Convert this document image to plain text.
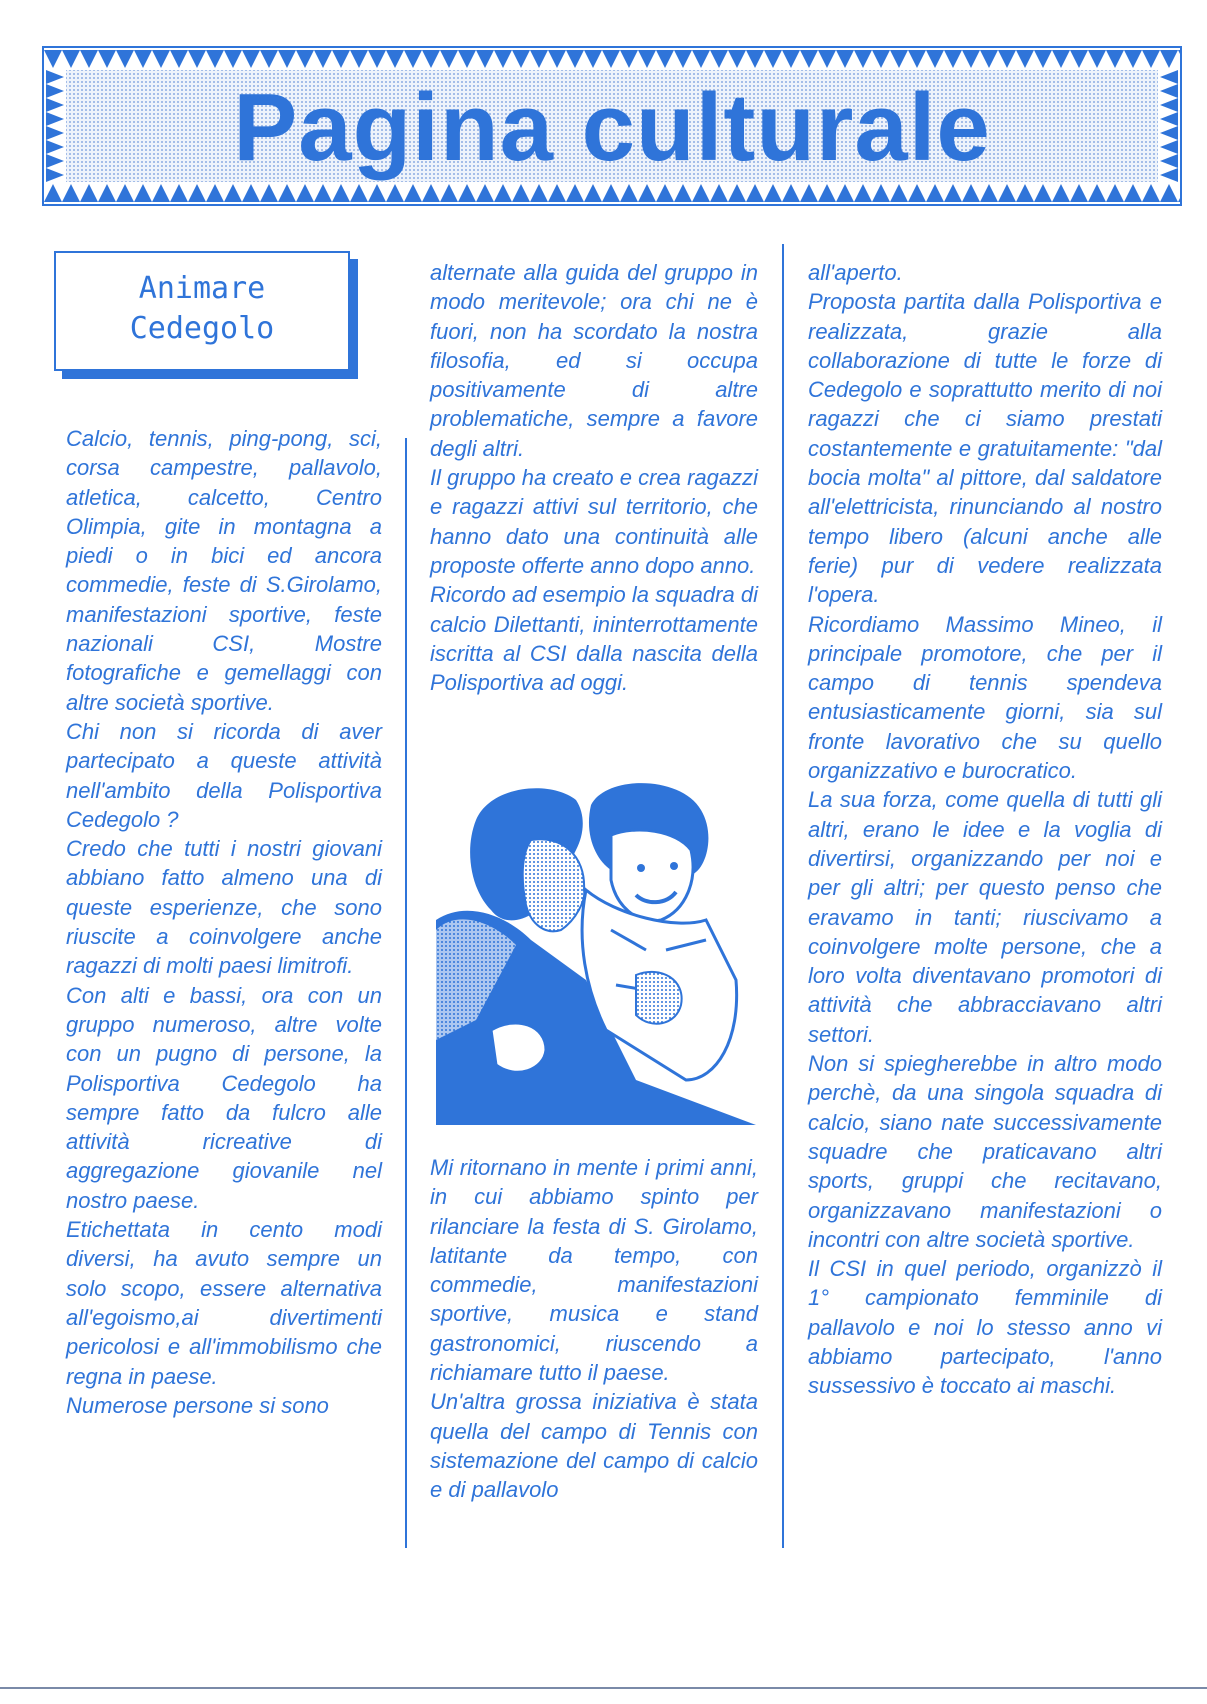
Pagina culturale
Animare
Cedegolo

Calcio, tennis, ping-pong, sci, corsa campestre, pallavolo, atletica, calcetto, Centro Olimpia, gite in montagna a piedi o in bici ed ancora commedie, feste di S.Girolamo, manifestazioni sportive, feste nazionali CSI, Mostre fotografiche e gemellaggi con altre società sportive.

Chi non si ricorda di aver partecipato a queste attività nell'ambito della Polisportiva Cedegolo ?

Credo che tutti i nostri giovani abbiano fatto almeno una di queste esperienze, che sono riuscite a coinvolgere anche ragazzi di molti paesi limitrofi.

Con alti e bassi, ora con un gruppo numeroso, altre volte con un pugno di persone, la Polisportiva Cedegolo ha sempre fatto da fulcro alle attività ricreative di aggregazione giovanile nel nostro paese.

Etichettata in cento modi diversi, ha avuto sempre un solo scopo, essere alternativa all'egoismo,ai divertimenti pericolosi e all'immobilismo che regna in paese.

Numerose persone si sono

alternate alla guida del gruppo in modo meritevole; ora chi ne è fuori, non ha scordato la nostra filosofia, ed si occupa positivamente di altre problematiche, sempre a favore degli altri.

Il gruppo ha creato e crea ragazzi e ragazzi attivi sul territorio, che hanno dato una continuità alle proposte offerte anno dopo anno.

Ricordo ad esempio la squadra di calcio Dilettanti, ininterrottamente iscritta al CSI dalla nascita della Polisportiva ad oggi.

Mi ritornano in mente i primi anni, in cui abbiamo spinto per rilanciare la festa di S. Girolamo, latitante da tempo, con commedie, manifestazioni sportive, musica e stand gastronomici, riuscendo a richiamare tutto il paese.

Un'altra grossa iniziativa è stata quella del campo di Tennis con sistemazione del campo di calcio e di pallavolo

all'aperto.

Proposta partita dalla Polisportiva e realizzata, grazie alla collaborazione di tutte le forze di Cedegolo e soprattutto merito di noi ragazzi che ci siamo prestati costantemente e gratuitamente: "dal bocia molta" al pittore, dal saldatore all'elettricista, rinunciando al nostro tempo libero (alcuni anche alle ferie) pur di vedere realizzata l'opera.

Ricordiamo Massimo Mineo, il principale promotore, che per il campo di tennis spendeva entusiasticamente giorni, sia sul fronte lavorativo che su quello organizzativo e burocratico.

La sua forza, come quella di tutti gli altri, erano le idee e la voglia di divertirsi, organizzando per noi e per gli altri; per questo penso che eravamo in tanti; riuscivamo a coinvolgere molte persone, che a loro volta diventavano promotori di attività che abbracciavano altri settori.

Non si spiegherebbe in altro modo perchè, da una singola squadra di calcio, siano nate successivamente squadre che praticavano altri sports, gruppi che recitavano, organizzavano manifestazioni o incontri con altre società sportive.

Il CSI in quel periodo, organizzò il 1° campionato femminile di pallavolo e noi lo stesso anno vi abbiamo partecipato, l'anno sussessivo è toccato ai maschi.
